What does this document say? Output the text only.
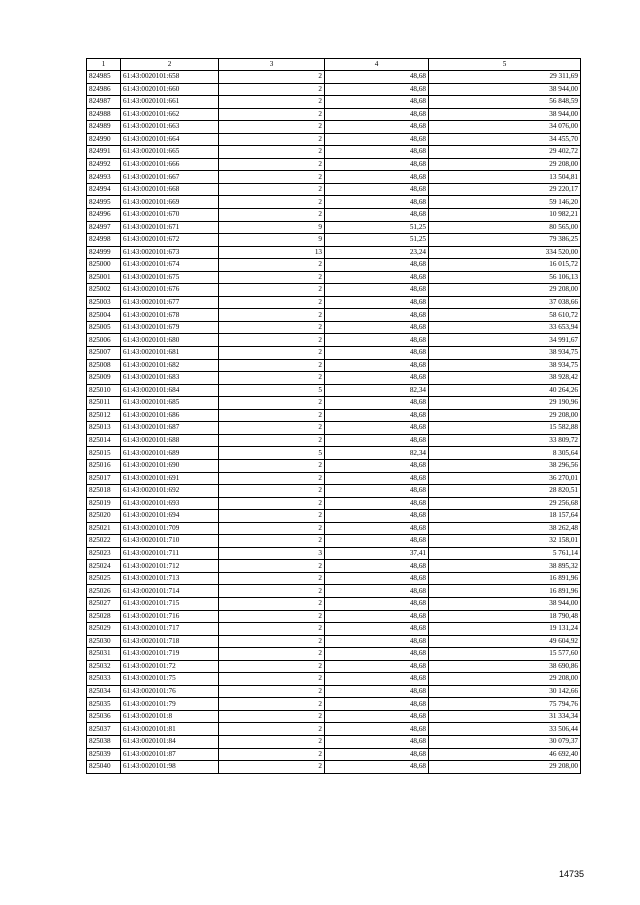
1	2	3	4	5
824985	61:43:0020101:658	2	48,68	29 311,69
824986	61:43:0020101:660	2	48,68	38 944,00
824987	61:43:0020101:661	2	48,68	56 848,59
824988	61:43:0020101:662	2	48,68	38 944,00
824989	61:43:0020101:663	2	48,68	34 076,00
824990	61:43:0020101:664	2	48,68	34 455,70
824991	61:43:0020101:665	2	48,68	29 402,72
824992	61:43:0020101:666	2	48,68	29 208,00
824993	61:43:0020101:667	2	48,68	13 504,81
824994	61:43:0020101:668	2	48,68	29 220,17
824995	61:43:0020101:669	2	48,68	59 146,20
824996	61:43:0020101:670	2	48,68	10 982,21
824997	61:43:0020101:671	9	51,25	80 565,00
824998	61:43:0020101:672	9	51,25	79 386,25
824999	61:43:0020101:673	13	23,24	334 520,00
825000	61:43:0020101:674	2	48,68	16 015,72
825001	61:43:0020101:675	2	48,68	56 106,13
825002	61:43:0020101:676	2	48,68	29 208,00
825003	61:43:0020101:677	2	48,68	37 038,66
825004	61:43:0020101:678	2	48,68	58 610,72
825005	61:43:0020101:679	2	48,68	33 653,94
825006	61:43:0020101:680	2	48,68	34 991,67
825007	61:43:0020101:681	2	48,68	38 934,75
825008	61:43:0020101:682	2	48,68	38 934,75
825009	61:43:0020101:683	2	48,68	38 928,42
825010	61:43:0020101:684	5	82,34	40 264,26
825011	61:43:0020101:685	2	48,68	29 190,96
825012	61:43:0020101:686	2	48,68	29 208,00
825013	61:43:0020101:687	2	48,68	15 582,88
825014	61:43:0020101:688	2	48,68	33 809,72
825015	61:43:0020101:689	5	82,34	8 305,64
825016	61:43:0020101:690	2	48,68	38 296,56
825017	61:43:0020101:691	2	48,68	36 270,01
825018	61:43:0020101:692	2	48,68	28 820,51
825019	61:43:0020101:693	2	48,68	29 256,68
825020	61:43:0020101:694	2	48,68	18 157,64
825021	61:43:0020101:709	2	48,68	38 262,48
825022	61:43:0020101:710	2	48,68	32 158,01
825023	61:43:0020101:711	3	37,41	5 761,14
825024	61:43:0020101:712	2	48,68	38 895,32
825025	61:43:0020101:713	2	48,68	16 891,96
825026	61:43:0020101:714	2	48,68	16 891,96
825027	61:43:0020101:715	2	48,68	38 944,00
825028	61:43:0020101:716	2	48,68	18 790,48
825029	61:43:0020101:717	2	48,68	19 131,24
825030	61:43:0020101:718	2	48,68	49 604,92
825031	61:43:0020101:719	2	48,68	15 577,60
825032	61:43:0020101:72	2	48,68	38 690,86
825033	61:43:0020101:75	2	48,68	29 208,00
825034	61:43:0020101:76	2	48,68	30 142,66
825035	61:43:0020101:79	2	48,68	75 794,76
825036	61:43:0020101:8	2	48,68	31 334,34
825037	61:43:0020101:81	2	48,68	33 506,44
825038	61:43:0020101:84	2	48,68	30 079,37
825039	61:43:0020101:87	2	48,68	46 692,40
825040	61:43:0020101:98	2	48,68	29 208,00
14735
